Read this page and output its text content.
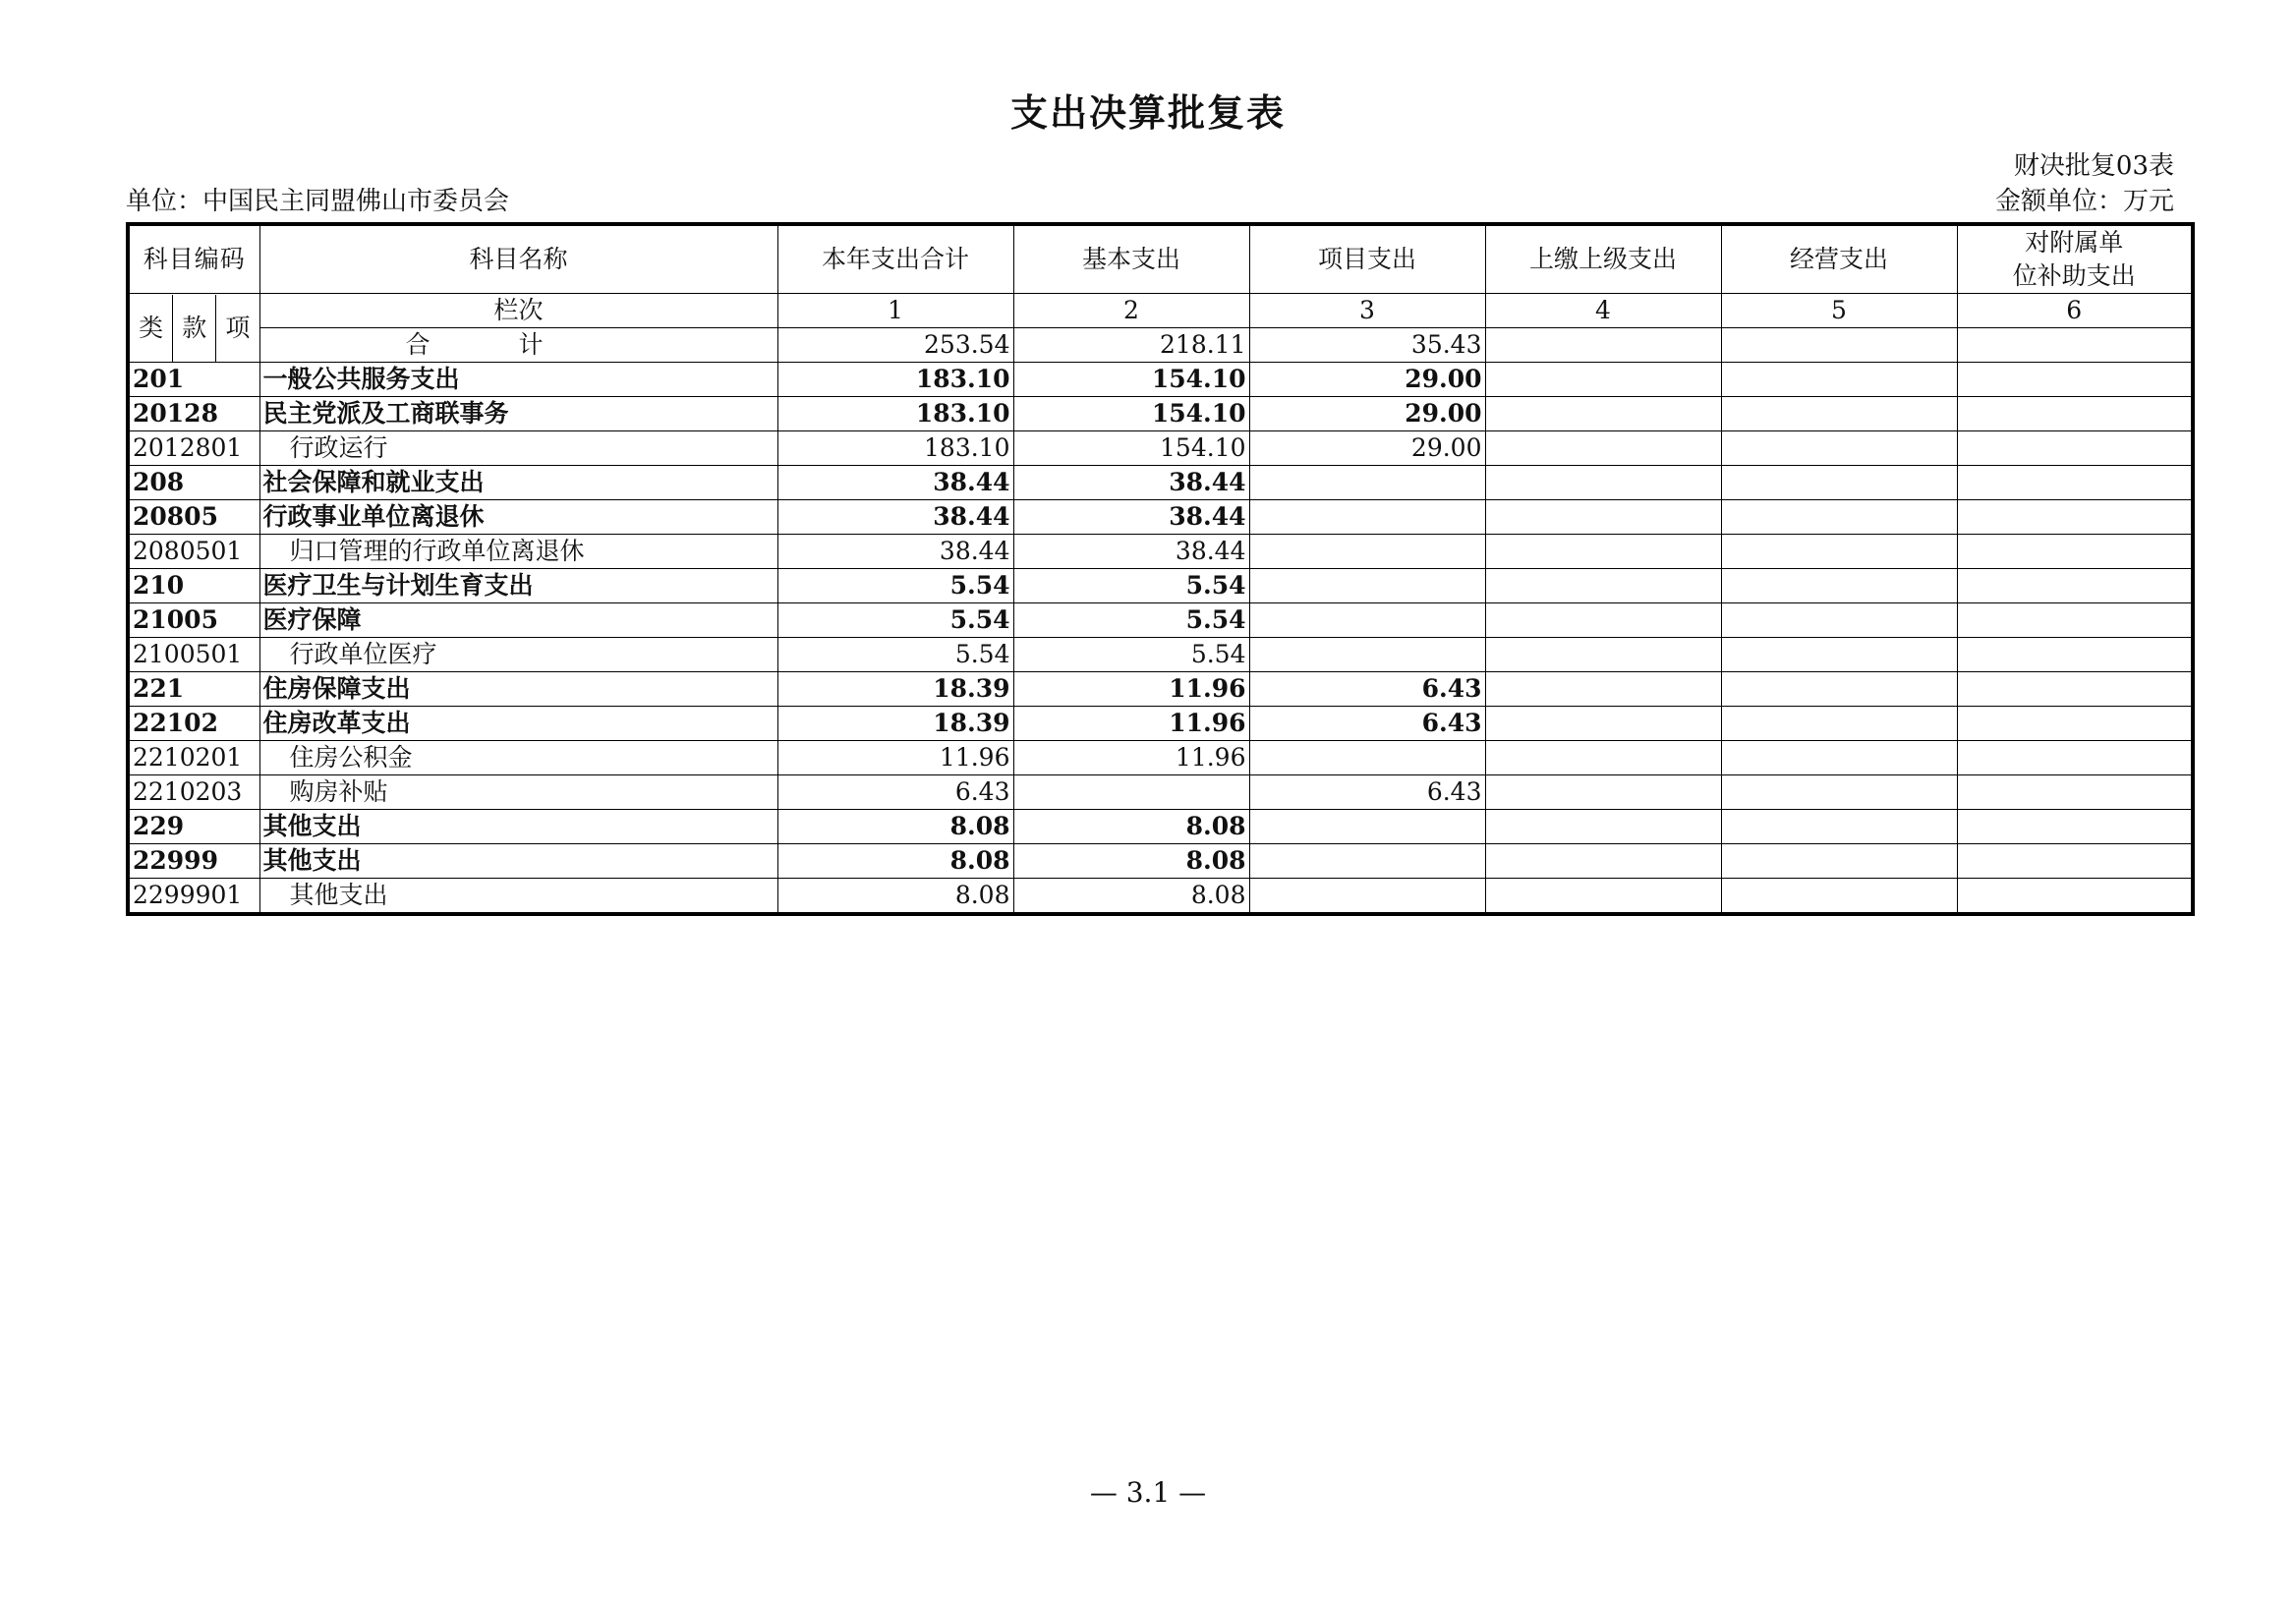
支出决算批复表
财决批复03表
单位：中国民主同盟佛山市委员会	金额单位：万元
科目编码	科目名称	本年支出合计	基本支出	项目支出	上缴上级支出	经营支出	对附属单
位补助支出

类 款 项	栏次	1	2	3	4	5	6
	合计	253.54	218.11	35.43			
201	一般公共服务支出	183.10	154.10	29.00			
20128	民主党派及工商联事务	183.10	154.10	29.00			
2012801	行政运行	183.10	154.10	29.00			
208	社会保障和就业支出	38.44	38.44				
20805	行政事业单位离退休	38.44	38.44				
2080501	归口管理的行政单位离退休	38.44	38.44				
210	医疗卫生与计划生育支出	5.54	5.54				
21005	医疗保障	5.54	5.54				
2100501	行政单位医疗	5.54	5.54				
221	住房保障支出	18.39	11.96	6.43			
22102	住房改革支出	18.39	11.96	6.43			
2210201	住房公积金	11.96	11.96				
2210203	购房补贴	6.43		6.43			
229	其他支出	8.08	8.08				
22999	其他支出	8.08	8.08				
2299901	其他支出	8.08	8.08				
— 3.1 —
